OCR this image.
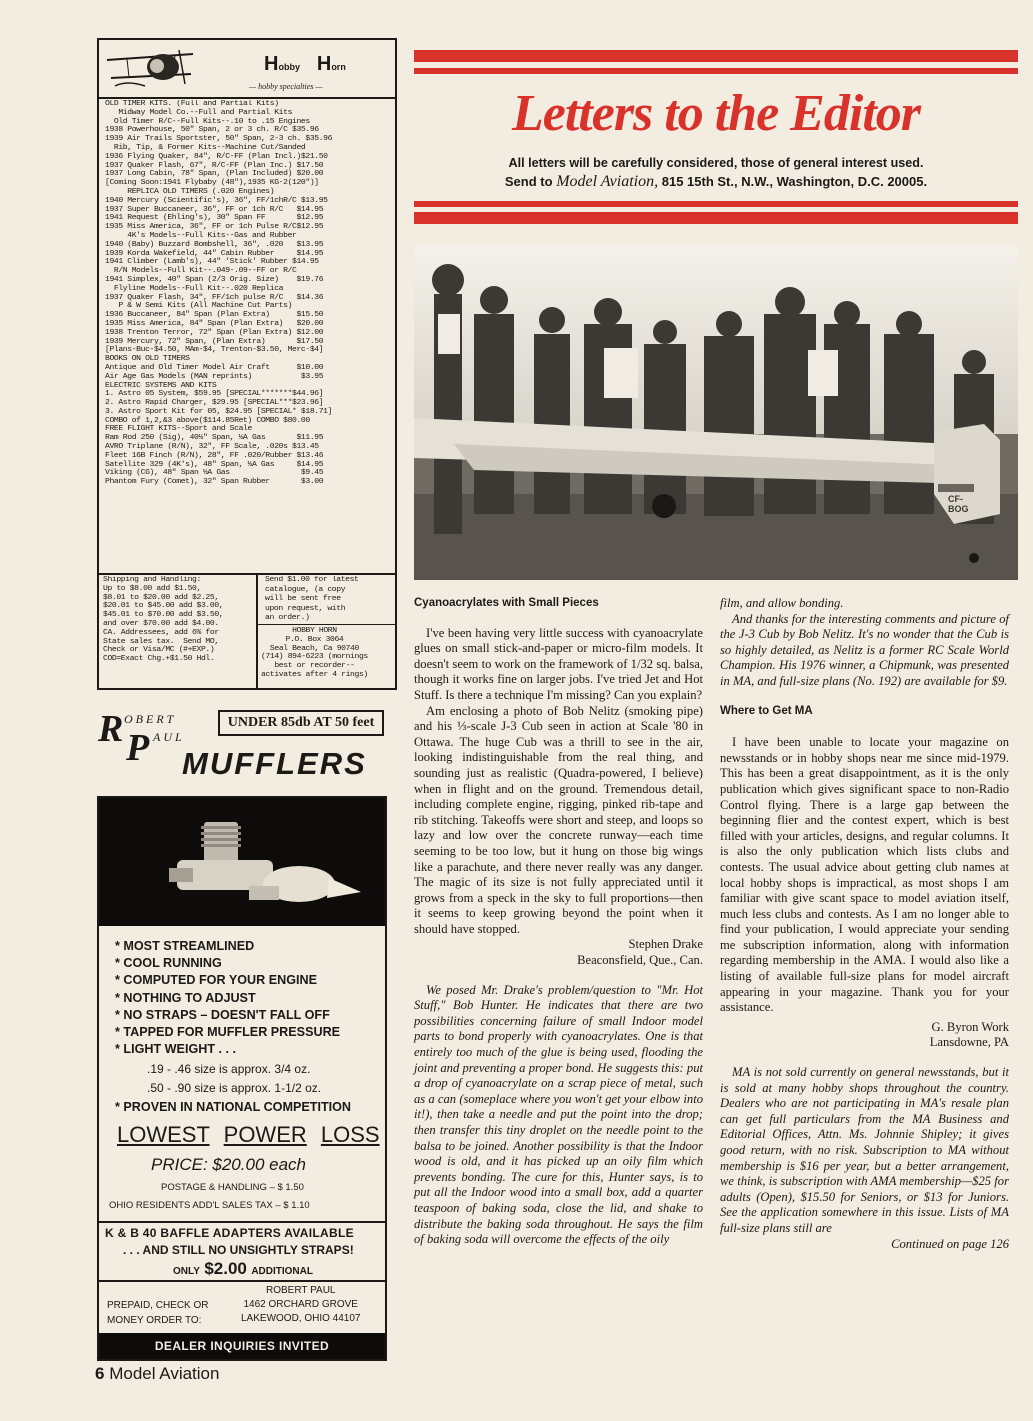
Hobby Horn
— hobby specialties —
OLD TIMER KITS. (Full and Partial Kits)
Midway Model Co.--Full and Partial Kits
Old Timer R/C--Full Kits--.10 to .15 Engines
1938 Powerhouse, 50" Span, 2 or 3 ch. R/C $35.96
1939 Air Trails Sportster, 50" Span, 2-3 ch. $35.96
Rib, Tip, & Former Kits--Machine Cut/Sanded
1936 Flying Quaker, 84", R/C-FF (Plan Incl.)$21.50
1937 Quaker Flash, 67", R/C-FF (Plan Inc.) $17.50
1937 Long Cabin, 78" Span, (Plan Included) $20.00
[Coming Soon:1941 Flybaby (48"),1935 KG-2(120")]
REPLICA OLD TIMERS (.020 Engines)
1940 Mercury (Scientific's), 36", FF/1chR/C $13.95
1937 Super Buccaneer, 36", FF or 1ch R/C   $14.95
1941 Request (Ehling's), 30" Span FF       $12.95
1935 Miss America, 36", FF or 1ch Pulse R/C$12.95
4K's Models--Full Kits--Gas and Rubber
1940 (Baby) Buzzard Bombshell, 36", .020   $13.95
1939 Korda Wakefield, 44" Cabin Rubber     $14.95
1941 Climber (Lamb's), 44" 'Stick' Rubber $14.95
R/N Models--Full Kit--.049-.09--FF or R/C
1941 Simplex, 40" Span (2/3 Orig. Size)    $19.76
Flyline Models--Full Kit--.020 Replica
1937 Quaker Flash, 34", FF/1ch pulse R/C   $14.36
P & W Semi Kits (All Machine Cut Parts)
1936 Buccaneer, 84" Span (Plan Extra)      $15.50
1935 Miss America, 84" Span (Plan Extra)   $20.00
1938 Trenton Terror, 72" Span (Plan Extra) $12.00
1939 Mercury, 72" Span, (Plan Extra)       $17.50
[Plans-Buc-$4.50, MAm-$4, Trenton-$3.50, Merc-$4]
BOOKS ON OLD TIMERS
Antique and Old Timer Model Air Craft      $10.00
Air Age Gas Models (MAN reprints)           $3.95
ELECTRIC SYSTEMS AND KITS
1. Astro 05 System, $59.95 [SPECIAL*******$44.96]
2. Astro Rapid Charger, $29.95 [SPECIAL***$23.96]
3. Astro Sport Kit for 05, $24.95 [SPECIAL* $18.71]
COMBO of 1,2,&3 above($114.85Ret) COMBO $80.00
FREE FLIGHT KITS--Sport and Scale
Ram Rod 250 (Sig), 40½" Span, ½A Gas       $11.95
AVRO Triplane (R/N), 32", FF Scale, .020s $13.45
Fleet 16B Finch (R/N), 28", FF .020/Rubber $13.46
Satellite 329 (4K's), 48" Span, ½A Gas     $14.95
Viking (CG), 48" Span ½A Gas                $9.45
Phantom Fury (Comet), 32" Span Rubber       $3.00
Shipping and Handling:
Up to $8.00 add $1.50,
$8.01 to $20.00 add $2.25,
$20.01 to $45.00 add $3.00,
$45.01 to $70.00 add $3.50,
and over $70.00 add $4.00.
CA. Addressees, add 6% for
State sales tax.  Send MO,
Check or Visa/MC (#+EXP.)
COD=Exact Chg.+$1.50 Hdl.
Send $1.00 for latest
catalogue, (a copy
will be sent free
upon request, with
an order.)
HOBBY HORN
P.O. Box 3064
Seal Beach, Ca 90740
(714) 894-6223 (mornings
best or recorder--
activates after 4 rings)
R OBERT
P AUL
MUFFLERS
UNDER 85db AT 50 feet
* MOST STREAMLINED
* COOL RUNNING
* COMPUTED FOR YOUR ENGINE
* NOTHING TO ADJUST
* NO STRAPS – DOESN'T FALL OFF
* TAPPED FOR MUFFLER PRESSURE
* LIGHT WEIGHT . . .
.19 - .46 size is approx. 3/4 oz.
.50 - .90 size is approx. 1-1/2 oz.
* PROVEN IN NATIONAL COMPETITION
LOWEST POWER LOSS
PRICE: $20.00 each
POSTAGE & HANDLING – $ 1.50
OHIO RESIDENTS ADD'L SALES TAX – $ 1.10
K & B 40 BAFFLE ADAPTERS AVAILABLE
. . . AND STILL NO UNSIGHTLY STRAPS!
ONLY $2.00 ADDITIONAL
PREPAID, CHECK OR
MONEY ORDER TO:
ROBERT PAUL
1462 ORCHARD GROVE
LAKEWOOD, OHIO 44107
DEALER INQUIRIES INVITED
6 Model Aviation
Letters to the Editor
All letters will be carefully considered, those of general interest used.
Send to Model Aviation, 815 15th St., N.W., Washington, D.C. 20005.
CF-
BOG
Cyanoacrylates with Small Pieces

I've been having very little success with cyanoacrylate glues on small stick-and-paper or micro-film models. It doesn't seem to work on the framework of 1/32 sq. balsa, though it works fine on larger jobs. I've tried Jet and Hot Stuff. Is there a technique I'm missing? Can you explain?

Am enclosing a photo of Bob Nelitz (smoking pipe) and his ⅓-scale J-3 Cub seen in action at Scale '80 in Ottawa. The huge Cub was a thrill to see in the air, looking indistinguishable from the real thing, and sounding just as realistic (Quadra-powered, I believe) when in flight and on the ground. Tremendous detail, including complete engine, rigging, pinked rib-tape and rib stitching. Takeoffs were short and steep, and loops so lazy and low over the concrete runway—each time seeming to be too low, but it hung on those big wings like a parachute, and there never really was any danger. The magic of its size is not fully appreciated until it grows from a speck in the sky to full proportions—then it seems to keep growing beyond the point when it should have stopped.

Stephen Drake
Beaconsfield, Que., Can.

We posed Mr. Drake's problem/question to "Mr. Hot Stuff," Bob Hunter. He indicates that there are two possibilities concerning failure of small Indoor model parts to bond properly with cyanoacrylates. One is that entirely too much of the glue is being used, flooding the joint and preventing a proper bond. He suggests this: put a drop of cyanoacrylate on a scrap piece of metal, such as a can (someplace where you won't get your elbow into it!), then take a needle and put the point into the drop; then transfer this tiny droplet on the needle point to the balsa to be joined. Another possibility is that the Indoor wood is old, and it has picked up an oily film which prevents bonding. The cure for this, Hunter says, is to put all the Indoor wood into a small box, add a quarter teaspoon of baking soda, close the lid, and shake to distribute the baking soda throughout. He says the film of baking soda will overcome the effects of the oily

film, and allow bonding.

And thanks for the interesting comments and picture of the J-3 Cub by Bob Nelitz. It's no wonder that the Cub is so highly detailed, as Nelitz is a former RC Scale World Champion. His 1976 winner, a Chipmunk, was presented in MA, and full-size plans (No. 192) are available for $9.

Where to Get MA

I have been unable to locate your magazine on newsstands or in hobby shops near me since mid-1979. This has been a great disappointment, as it is the only publication which gives significant space to non-Radio Control flying. There is a large gap between the beginning flier and the contest expert, which is best filled with your articles, designs, and regular columns. It is also the only publication which lists clubs and contests. The usual advice about getting club names at local hobby shops is impractical, as most shops I am familiar with give scant space to model aviation itself, much less clubs and contests. As I am no longer able to find your publication, I would appreciate your sending me subscription information, along with information regarding membership in the AMA. I would also like a listing of available full-size plans for model aircraft appearing in your magazine. Thank you for your assistance.

G. Byron Work
Lansdowne, PA

MA is not sold currently on general newsstands, but it is sold at many hobby shops throughout the country. Dealers who are not participating in MA's resale plan can get full particulars from the MA Business and Editorial Offices, Attn. Ms. Johnnie Shipley; it gives good return, with no risk. Subscription to MA without membership is $16 per year, but a better arrangement, we think, is subscription with AMA membership—$25 for adults (Open), $15.50 for Seniors, or $13 for Juniors. See the application somewhere in this issue. Lists of MA full-size plans still are

Continued on page 126
